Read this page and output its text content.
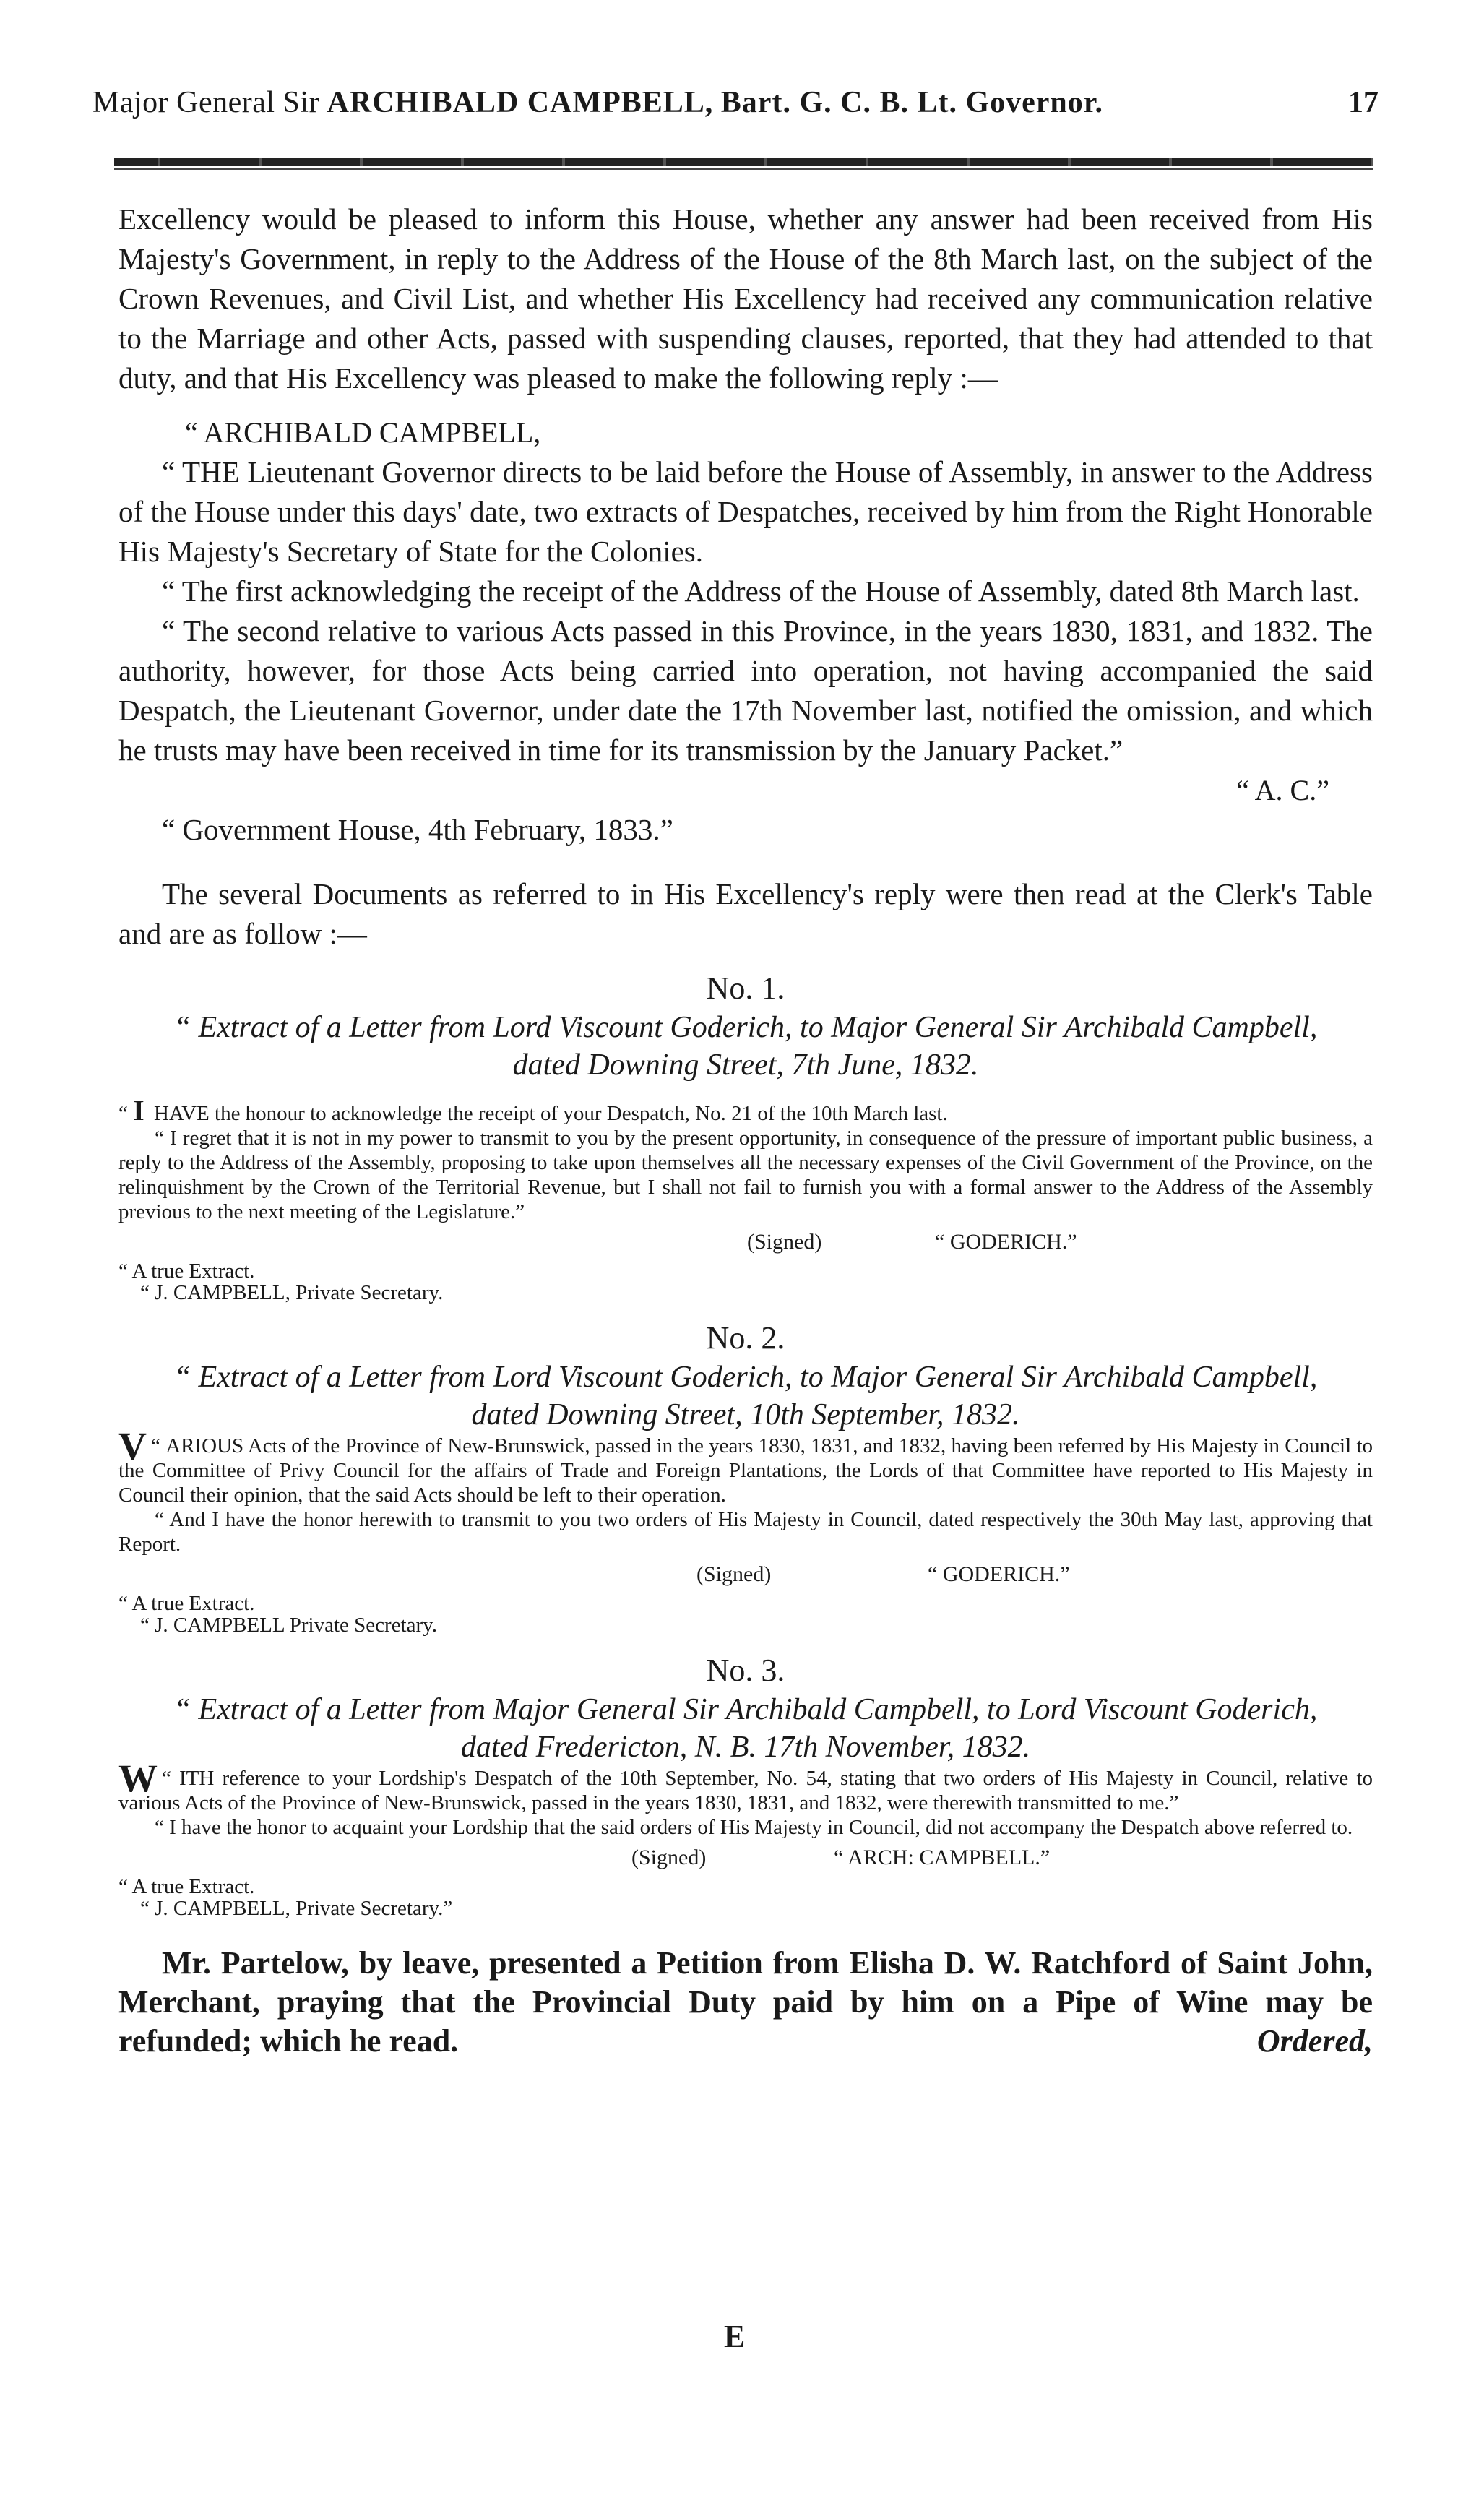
Major General Sir ARCHIBALD CAMPBELL, Bart. G. C. B. Lt. Governor.	17

Excellency would be pleased to inform this House, whether any answer had been received from His Majesty's Government, in reply to the Address of the House of the 8th March last, on the subject of the Crown Revenues, and Civil List, and whether His Excellency had received any communication relative to the Marriage and other Acts, passed with suspending clauses, reported, that they had attended to that duty, and that His Excellency was pleased to make the following reply :—

“ ARCHIBALD CAMPBELL,

“ THE Lieutenant Governor directs to be laid before the House of Assembly, in answer to the Address of the House under this days' date, two extracts of Despatches, received by him from the Right Honorable His Majesty's Secretary of State for the Colonies.

“ The first acknowledging the receipt of the Address of the House of Assembly, dated 8th March last.

“ The second relative to various Acts passed in this Province, in the years 1830, 1831, and 1832. The authority, however, for those Acts being carried into operation, not having accompanied the said Despatch, the Lieutenant Governor, under date the 17th November last, notified the omission, and which he trusts may have been received in time for its transmission by the January Packet.”

“ A. C.”

“ Government House, 4th February, 1833.”

The several Documents as referred to in His Excellency's reply were then read at the Clerk's Table and are as follow :—

No. 1.

“ Extract of a Letter from Lord Viscount Goderich, to Major General Sir Archibald Campbell, dated Downing Street, 7th June, 1832.

“ I HAVE the honour to acknowledge the receipt of your Despatch, No. 21 of the 10th March last.

“ I regret that it is not in my power to transmit to you by the present opportunity, in consequence of the pressure of important public business, a reply to the Address of the Assembly, proposing to take upon themselves all the necessary expenses of the Civil Government of the Province, on the relinquishment by the Crown of the Territorial Revenue, but I shall not fail to furnish you with a formal answer to the Address of the Assembly previous to the next meeting of the Legislature.”

(Signed)	“ GODERICH.”

“ A true Extract.

“ J. CAMPBELL, Private Secretary.

No. 2.

“ Extract of a Letter from Lord Viscount Goderich, to Major General Sir Archibald Campbell, dated Downing Street, 10th September, 1832.

“
V ARIOUS Acts of the Province of New-Brunswick, passed in the years 1830, 1831, and 1832, having been referred by His Majesty in Council to the Committee of Privy Council for the affairs of Trade and Foreign Plantations, the Lords of that Committee have reported to His Majesty in Council their opinion, that the said Acts should be left to their operation.

“ And I have the honor herewith to transmit to you two orders of His Majesty in Council, dated respectively the 30th May last, approving that Report.

(Signed)	“ GODERICH.”

“ A true Extract.

“ J. CAMPBELL Private Secretary.

No. 3.

“ Extract of a Letter from Major General Sir Archibald Campbell, to Lord Viscount Goderich, dated Fredericton, N. B. 17th November, 1832.

“
W ITH reference to your Lordship's Despatch of the 10th September, No. 54, stating that two orders of His Majesty in Council, relative to various Acts of the Province of New-Brunswick, passed in the years 1830, 1831, and 1832, were therewith transmitted to me.”

“ I have the honor to acquaint your Lordship that the said orders of His Majesty in Council, did not accompany the Despatch above referred to.

(Signed)	“ ARCH: CAMPBELL.”

“ A true Extract.

“ J. CAMPBELL, Private Secretary.”

Mr. Partelow, by leave, presented a Petition from Elisha D. W. Ratchford of Saint John, Merchant, praying that the Provincial Duty paid by him on a Pipe of Wine may be refunded; which he read.	Ordered,

E
